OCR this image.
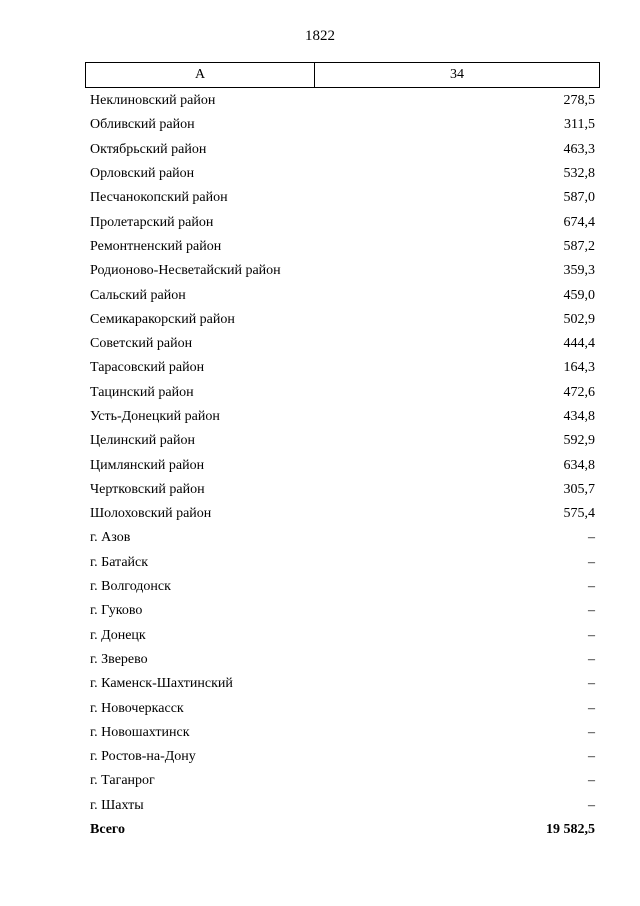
1822
А	34
Неклиновский район	278,5
Обливский район	311,5
Октябрьский район	463,3
Орловский район	532,8
Песчанокопский район	587,0
Пролетарский район	674,4
Ремонтненский район	587,2
Родионово-Несветайский район	359,3
Сальский район	459,0
Семикаракорский район	502,9
Советский район	444,4
Тарасовский район	164,3
Тацинский район	472,6
Усть-Донецкий район	434,8
Целинский район	592,9
Цимлянский район	634,8
Чертковский район	305,7
Шолоховский район	575,4
г. Азов	–
г. Батайск	–
г. Волгодонск	–
г. Гуково	–
г. Донецк	–
г. Зверево	–
г. Каменск-Шахтинский	–
г. Новочеркасск	–
г. Новошахтинск	–
г. Ростов-на-Дону	–
г. Таганрог	–
г. Шахты	–
Всего	19 582,5
